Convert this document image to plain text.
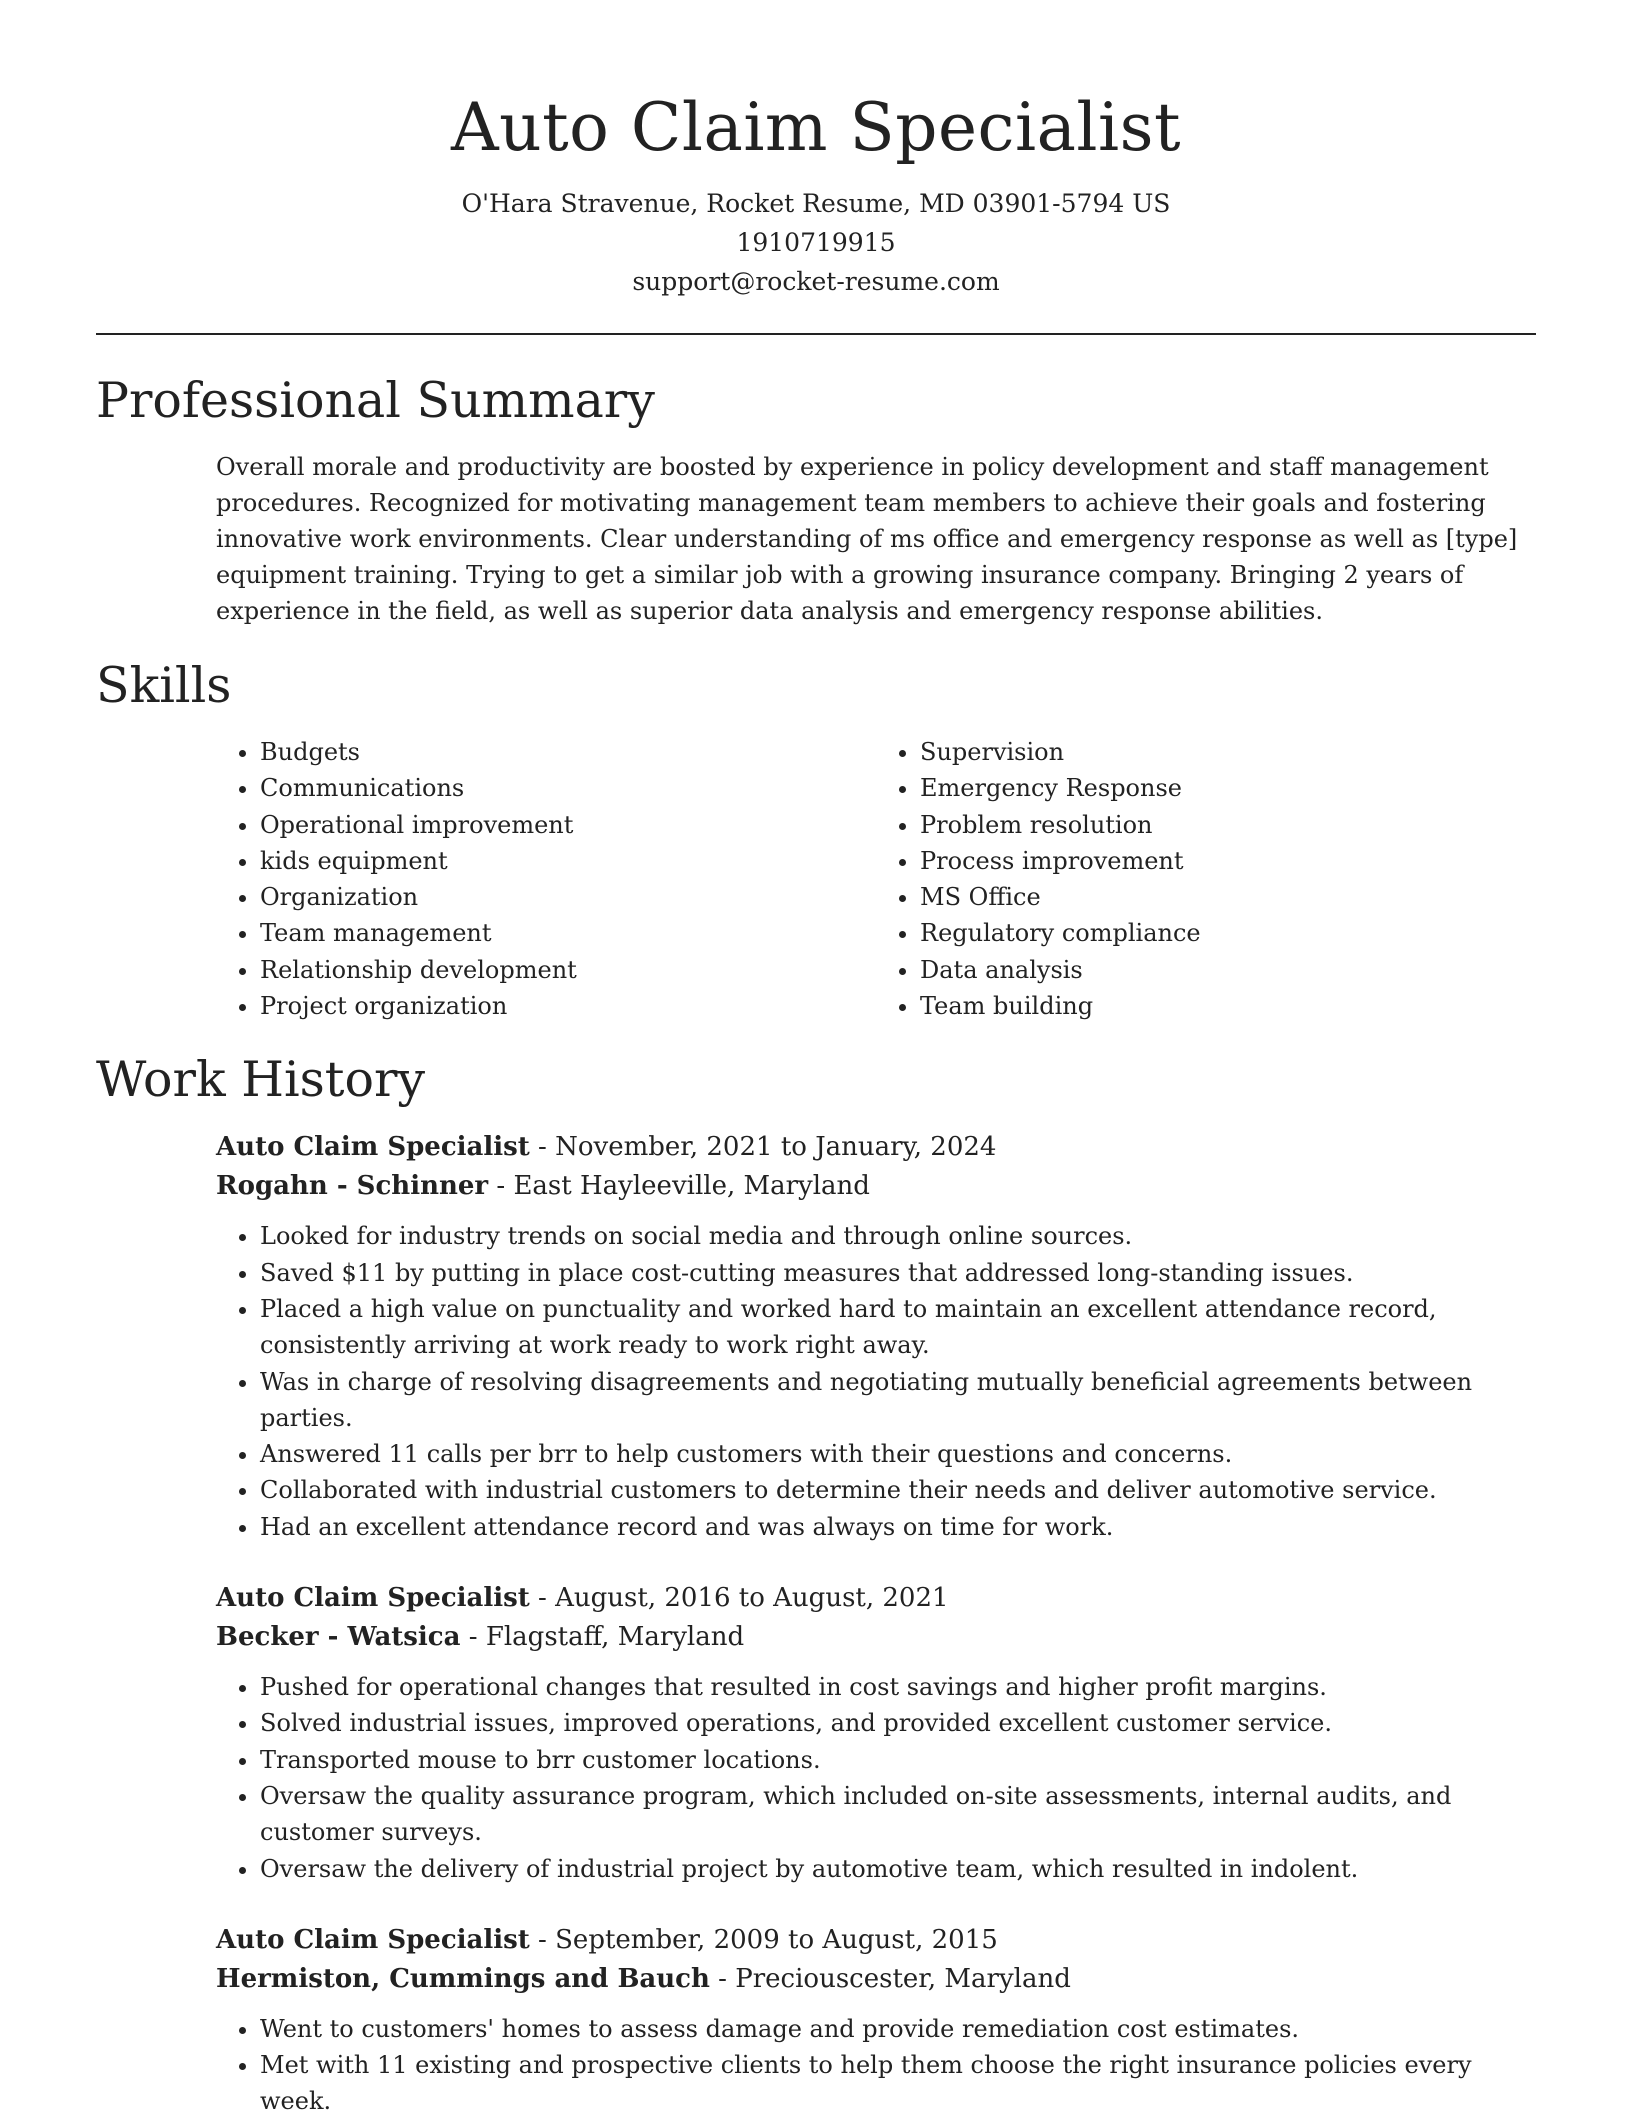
Auto Claim Specialist
O'Hara Stravenue, Rocket Resume, MD 03901-5794 US
1910719915
support@rocket-resume.com
Professional Summary

Overall morale and productivity are boosted by experience in policy development and staff management procedures. Recognized for motivating management team members to achieve their goals and fostering innovative work environments. Clear understanding of ms office and emergency response as well as [type] equipment training. Trying to get a similar job with a growing insurance company. Bringing 2 years of experience in the field, as well as superior data analysis and emergency response abilities.

Skills
• Budgets
• Communications
• Operational improvement
• kids equipment
• Organization
• Team management
• Relationship development
• Project organization
• Supervision
• Emergency Response
• Problem resolution
• Process improvement
• MS Office
• Regulatory compliance
• Data analysis
• Team building
Work History
Auto Claim Specialist - November, 2021 to January, 2024
Rogahn - Schinner - East Hayleeville, Maryland
• Looked for industry trends on social media and through online sources.
• Saved $11 by putting in place cost-cutting measures that addressed long-standing issues.
• Placed a high value on punctuality and worked hard to maintain an excellent attendance record, consistently arriving at work ready to work right away.
• Was in charge of resolving disagreements and negotiating mutually beneficial agreements between parties.
• Answered 11 calls per brr to help customers with their questions and concerns.
• Collaborated with industrial customers to determine their needs and deliver automotive service.
• Had an excellent attendance record and was always on time for work.
Auto Claim Specialist - August, 2016 to August, 2021
Becker - Watsica - Flagstaff, Maryland
• Pushed for operational changes that resulted in cost savings and higher profit margins.
• Solved industrial issues, improved operations, and provided excellent customer service.
• Transported mouse to brr customer locations.
• Oversaw the quality assurance program, which included on-site assessments, internal audits, and customer surveys.
• Oversaw the delivery of industrial project by automotive team, which resulted in indolent.
Auto Claim Specialist - September, 2009 to August, 2015
Hermiston, Cummings and Bauch - Preciouscester, Maryland
• Went to customers' homes to assess damage and provide remediation cost estimates.
• Met with 11 existing and prospective clients to help them choose the right insurance policies every week.
